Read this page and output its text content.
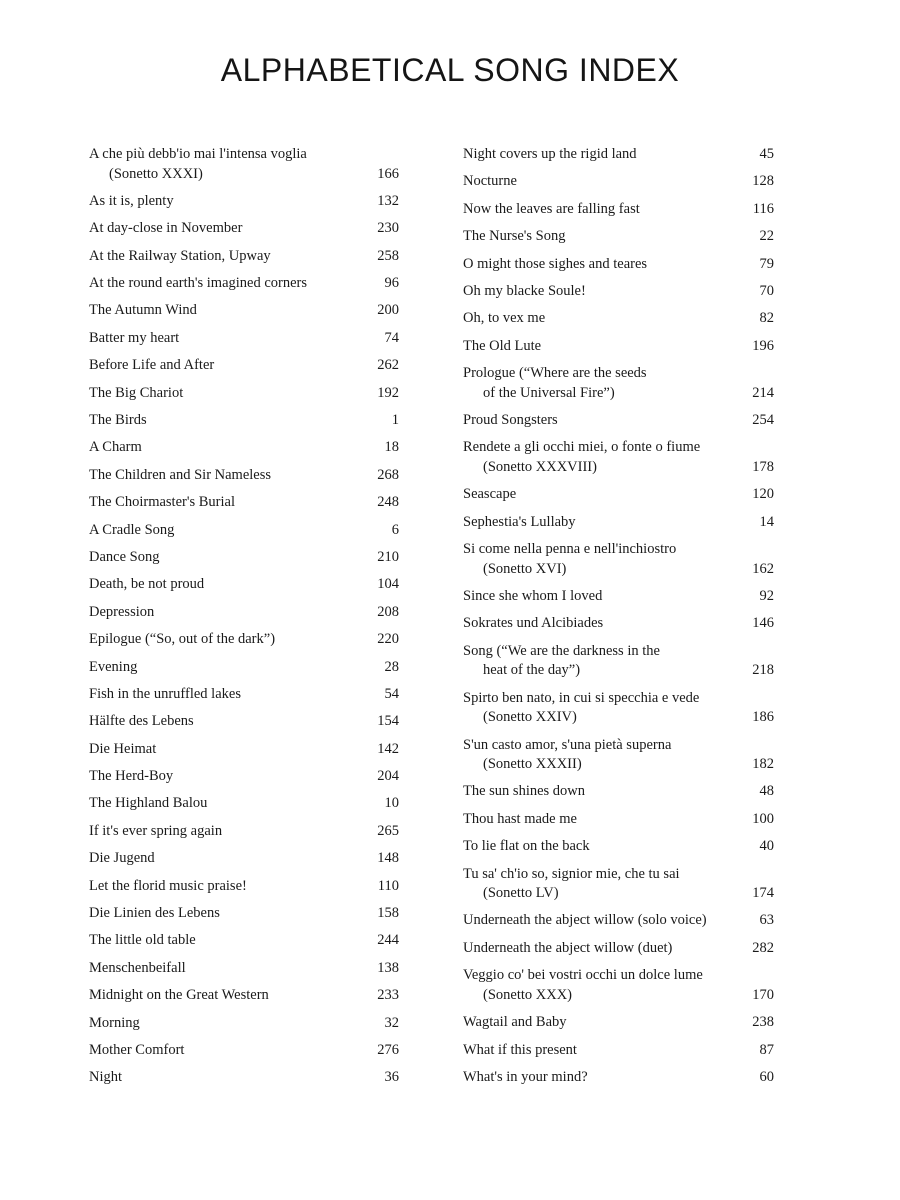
ALPHABETICAL SONG INDEX
A che più debb'io mai l'intensa voglia
(Sonetto XXXI)	166
As it is, plenty	132
At day-close in November	230
At the Railway Station, Upway	258
At the round earth's imagined corners	96
The Autumn Wind	200
Batter my heart	74
Before Life and After	262
The Big Chariot	192
The Birds	1
A Charm	18
The Children and Sir Nameless	268
The Choirmaster's Burial	248
A Cradle Song	6
Dance Song	210
Death, be not proud	104
Depression	208
Epilogue (“So, out of the dark”)	220
Evening	28
Fish in the unruffled lakes	54
Hälfte des Lebens	154
Die Heimat	142
The Herd-Boy	204
The Highland Balou	10
If it's ever spring again	265
Die Jugend	148
Let the florid music praise!	110
Die Linien des Lebens	158
The little old table	244
Menschenbeifall	138
Midnight on the Great Western	233
Morning	32
Mother Comfort	276
Night	36
Night covers up the rigid land	45
Nocturne	128
Now the leaves are falling fast	116
The Nurse's Song	22
O might those sighes and teares	79
Oh my blacke Soule!	70
Oh, to vex me	82
The Old Lute	196
Prologue (“Where are the seeds
of the Universal Fire”)	214
Proud Songsters	254
Rendete a gli occhi miei, o fonte o fiume
(Sonetto XXXVIII)	178
Seascape	120
Sephestia's Lullaby	14
Si come nella penna e nell'inchiostro
(Sonetto XVI)	162
Since she whom I loved	92
Sokrates und Alcibiades	146
Song (“We are the darkness in the
heat of the day”)	218
Spirto ben nato, in cui si specchia e vede
(Sonetto XXIV)	186
S'un casto amor, s'una pietà superna
(Sonetto XXXII)	182
The sun shines down	48
Thou hast made me	100
To lie flat on the back	40
Tu sa' ch'io so, signior mie, che tu sai
(Sonetto LV)	174
Underneath the abject willow (solo voice)	63
Underneath the abject willow (duet)	282
Veggio co' bei vostri occhi un dolce lume
(Sonetto XXX)	170
Wagtail and Baby	238
What if this present	87
What's in your mind?	60
